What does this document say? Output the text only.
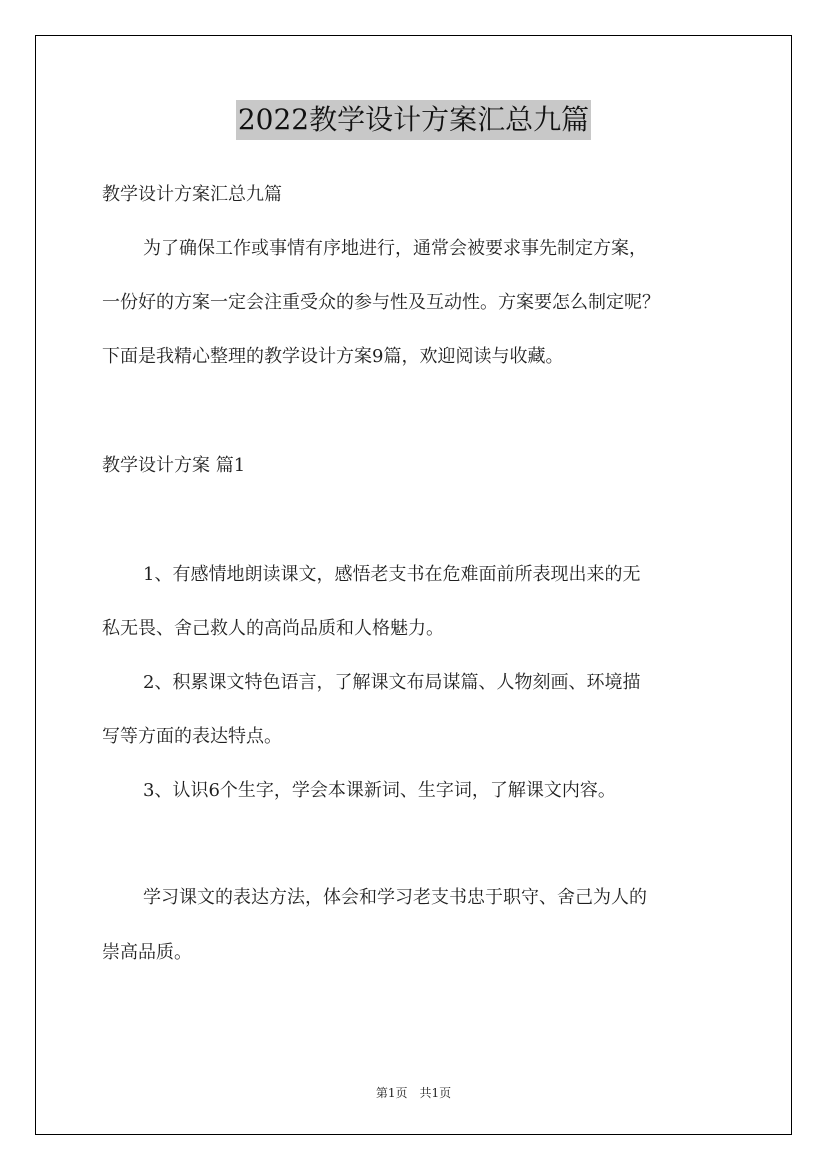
2022教学设计方案汇总九篇
教学设计方案汇总九篇
为了确保工作或事情有序地进行，通常会被要求事先制定方案，
一份好的方案一定会注重受众的参与性及互动性。方案要怎么制定呢？
下面是我精心整理的教学设计方案9篇，欢迎阅读与收藏。
教学设计方案 篇1
1、有感情地朗读课文，感悟老支书在危难面前所表现出来的无
私无畏、舍己救人的高尚品质和人格魅力。
2、积累课文特色语言，了解课文布局谋篇、人物刻画、环境描
写等方面的表达特点。
3、认识6个生字，学会本课新词、生字词，了解课文内容。
学习课文的表达方法，体会和学习老支书忠于职守、舍己为人的
崇高品质。
第1页　共1页
